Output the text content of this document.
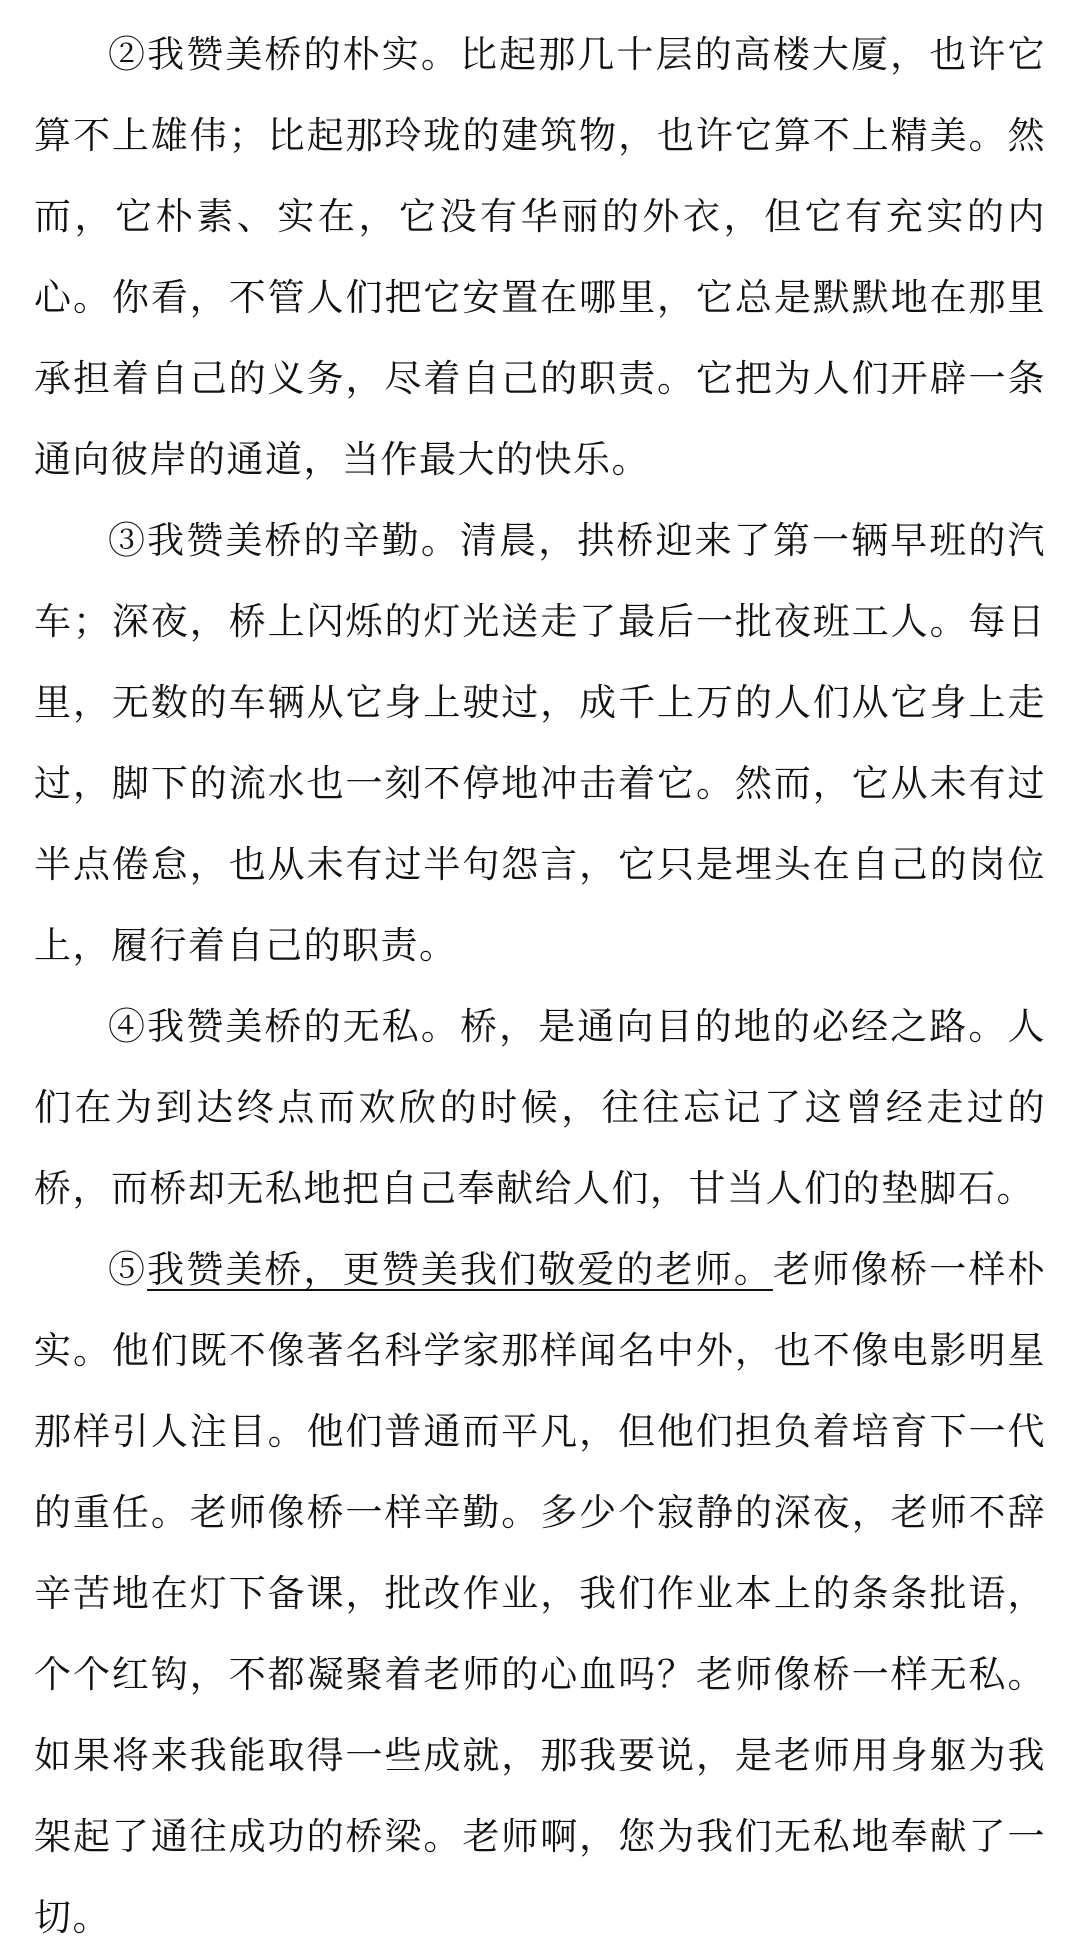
②我赞美桥的朴实。比起那几十层的高楼大厦，也许它算不上雄伟；比起那玲珑的建筑物，也许它算不上精美。然而，它朴素、实在，它没有华丽的外衣，但它有充实的内心。你看，不管人们把它安置在哪里，它总是默默地在那里承担着自己的义务，尽着自己的职责。它把为人们开辟一条通向彼岸的通道，当作最大的快乐。

③我赞美桥的辛勤。清晨，拱桥迎来了第一辆早班的汽车；深夜，桥上闪烁的灯光送走了最后一批夜班工人。每日里，无数的车辆从它身上驶过，成千上万的人们从它身上走过，脚下的流水也一刻不停地冲击着它。然而，它从未有过半点倦怠，也从未有过半句怨言，它只是埋头在自己的岗位上，履行着自己的职责。

④我赞美桥的无私。桥，是通向目的地的必经之路。人们在为到达终点而欢欣的时候，往往忘记了这曾经走过的桥，而桥却无私地把自己奉献给人们，甘当人们的垫脚石。

⑤我赞美桥，更赞美我们敬爱的老师。老师像桥一样朴实。他们既不像著名科学家那样闻名中外，也不像电影明星那样引人注目。他们普通而平凡，但他们担负着培育下一代的重任。老师像桥一样辛勤。多少个寂静的深夜，老师不辞辛苦地在灯下备课，批改作业，我们作业本上的条条批语，个个红钩，不都凝聚着老师的心血吗？老师像桥一样无私。如果将来我能取得一些成就，那我要说，是老师用身躯为我架起了通往成功的桥梁。老师啊，您为我们无私地奉献了一切。
